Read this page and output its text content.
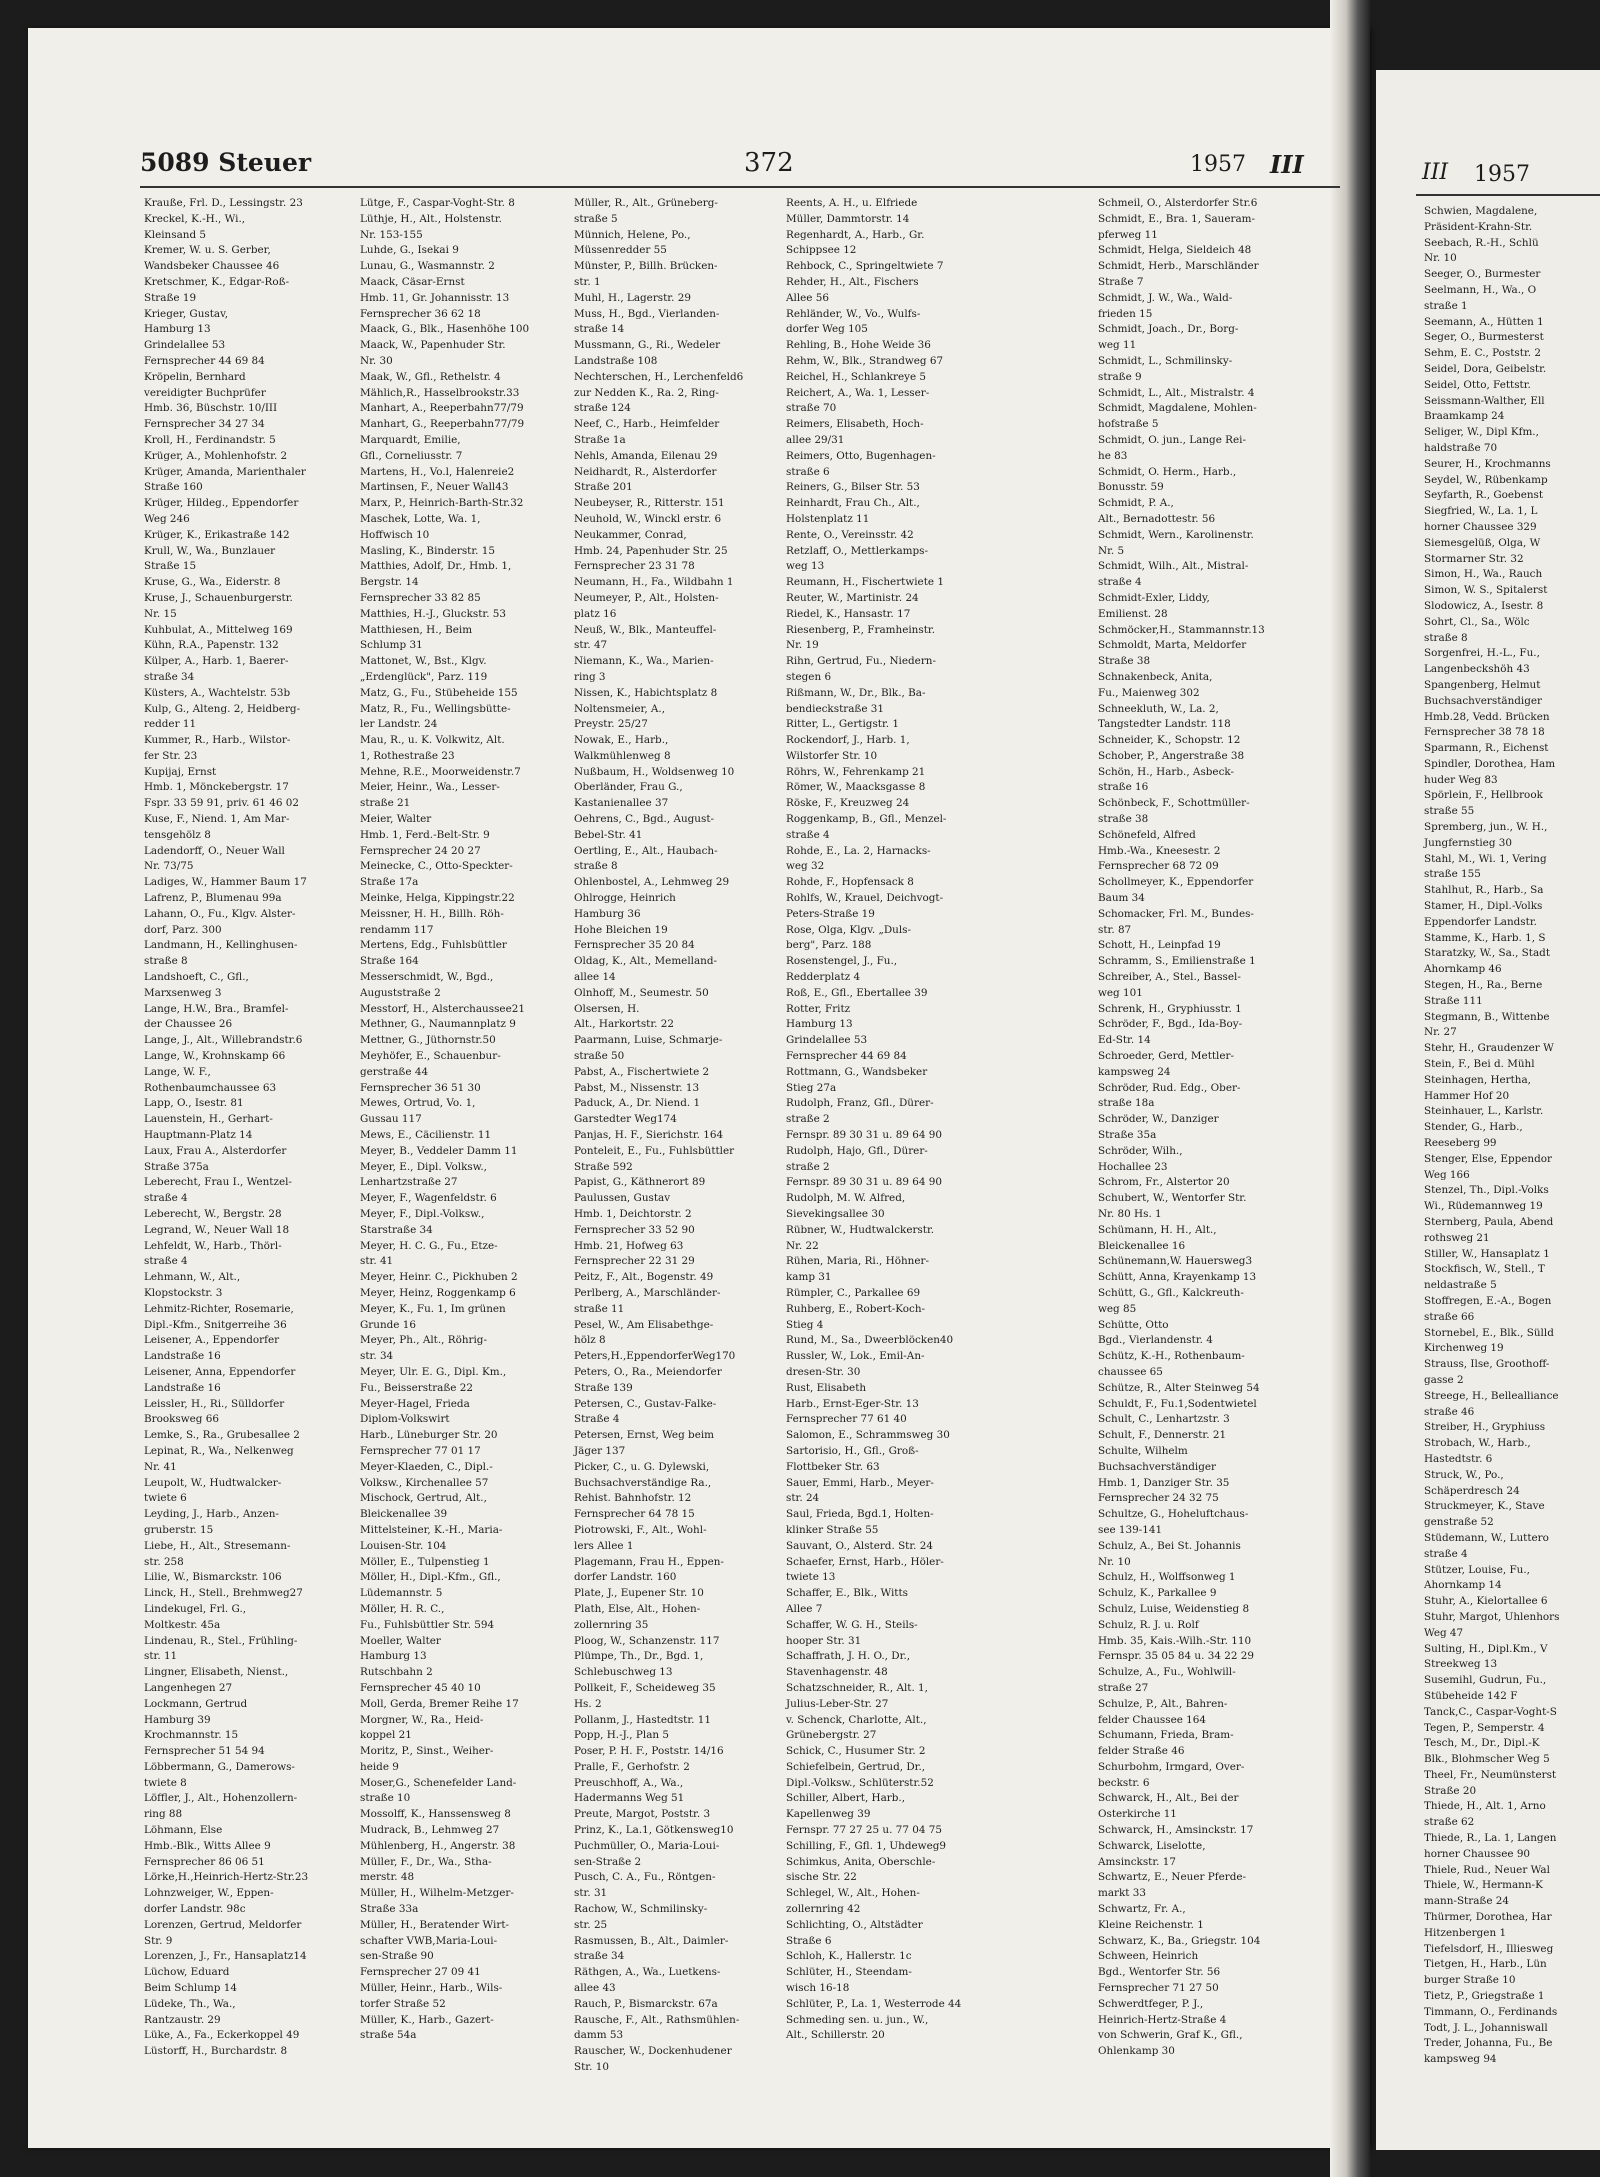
III 1957
Schwien, Magdalene,
Präsident-Krahn-Str.
Seebach, R.-H., Schlü
Nr. 10
Seeger, O., Burmester
Seelmann, H., Wa., O
straße 1
Seemann, A., Hütten 1
Seger, O., Burmesterst
Sehm, E. C., Poststr. 2
Seidel, Dora, Geibelstr.
Seidel, Otto, Fettstr.
Seissmann-Walther, Ell
Braamkamp 24
Seliger, W., Dipl Kfm.,
haldstraße 70
Seurer, H., Krochmanns
Seydel, W., Rübenkamp
Seyfarth, R., Goebenst
Siegfried, W., La. 1, L
horner Chaussee 329
Siemesgelüß, Olga, W
Stormarner Str. 32
Simon, H., Wa., Rauch
Simon, W. S., Spitalerst
Slodowicz, A., Isestr. 8
Sohrt, Cl., Sa., Wölc
straße 8
Sorgenfrei, H.-L., Fu.,
Langenbeckshöh 43
Spangenberg, Helmut
Buchsachverständiger
Hmb.28, Vedd. Brücken
Fernsprecher 38 78 18
Sparmann, R., Eichenst
Spindler, Dorothea, Ham
huder Weg 83
Spörlein, F., Hellbrook
straße 55
Spremberg, jun., W. H.,
Jungfernstieg 30
Stahl, M., Wi. 1, Vering
straße 155
Stahlhut, R., Harb., Sa
Stamer, H., Dipl.-Volks
Eppendorfer Landstr.
Stamme, K., Harb. 1, S
Staratzky, W., Sa., Stadt
Ahornkamp 46
Stegen, H., Ra., Berne
Straße 111
Stegmann, B., Wittenbe
Nr. 27
Stehr, H., Graudenzer W
Stein, F., Bei d. Mühl
Steinhagen, Hertha,
Hammer Hof 20
Steinhauer, L., Karlstr.
Stender, G., Harb.,
Reeseberg 99
Stenger, Else, Eppendor
Weg 166
Stenzel, Th., Dipl.-Volks
Wi., Rüdemannweg 19
Sternberg, Paula, Abend
rothsweg 21
Stiller, W., Hansaplatz 1
Stockfisch, W., Stell., T
neldastraße 5
Stoffregen, E.-A., Bogen
straße 66
Stornebel, E., Blk., Sülld
Kirchenweg 19
Strauss, Ilse, Groothoff-
gasse 2
Streege, H., Bellealliance
straße 46
Streiber, H., Gryphiuss
Strobach, W., Harb.,
Hastedtstr. 6
Struck, W., Po.,
Schäperdresch 24
Struckmeyer, K., Stave
genstraße 52
Stüdemann, W., Luttero
straße 4
Stützer, Louise, Fu.,
Ahornkamp 14
Stuhr, A., Kielortallee 6
Stuhr, Margot, Uhlenhors
Weg 47
Sulting, H., Dipl.Km., V
Streekweg 13
Susemihl, Gudrun, Fu.,
Stübeheide 142 F
Tanck,C., Caspar-Voght-S
Tegen, P., Semperstr. 4
Tesch, M., Dr., Dipl.-K
Blk., Blohmscher Weg 5
Theel, Fr., Neumünsterst
Straße 20
Thiede, H., Alt. 1, Arno
straße 62
Thiede, R., La. 1, Langen
horner Chaussee 90
Thiele, Rud., Neuer Wal
Thiele, W., Hermann-K
mann-Straße 24
Thürmer, Dorothea, Har
Hitzenbergen 1
Tiefelsdorf, H., Illiesweg
Tietgen, H., Harb., Lün
burger Straße 10
Tietz, P., Griegstraße 1
Timmann, O., Ferdinands
Todt, J. L., Johanniswall
Treder, Johanna, Fu., Be
kampsweg 94
5089 Steuer	372	1957 III
Krauße, Frl. D., Lessingstr. 23
Kreckel, K.-H., Wi.,
Kleinsand 5
Kremer, W. u. S. Gerber,
Wandsbeker Chaussee 46
Kretschmer, K., Edgar-Roß-
Straße 19
Krieger, Gustav,
Hamburg 13
Grindelallee 53
Fernsprecher 44 69 84
Kröpelin, Bernhard
vereidigter Buchprüfer
Hmb. 36, Büschstr. 10/III
Fernsprecher 34 27 34
Kroll, H., Ferdinandstr. 5
Krüger, A., Mohlenhofstr. 2
Krüger, Amanda, Marienthaler
Straße 160
Krüger, Hildeg., Eppendorfer
Weg 246
Krüger, K., Erikastraße 142
Krull, W., Wa., Bunzlauer
Straße 15
Kruse, G., Wa., Eiderstr. 8
Kruse, J., Schauenburgerstr.
Nr. 15
Kuhbulat, A., Mittelweg 169
Kühn, R.A., Papenstr. 132
Külper, A., Harb. 1, Baerer-
straße 34
Küsters, A., Wachtelstr. 53b
Kulp, G., Alteng. 2, Heidberg-
redder 11
Kummer, R., Harb., Wilstor-
fer Str. 23
Kupijaj, Ernst
Hmb. 1, Mönckebergstr. 17
Fspr. 33 59 91, priv. 61 46 02
Kuse, F., Niend. 1, Am Mar-
tensgehölz 8
Ladendorff, O., Neuer Wall
Nr. 73/75
Ladiges, W., Hammer Baum 17
Lafrenz, P., Blumenau 99a
Lahann, O., Fu., Klgv. Alster-
dorf, Parz. 300
Landmann, H., Kellinghusen-
straße 8
Landshoeft, C., Gfl.,
Marxsenweg 3
Lange, H.W., Bra., Bramfel-
der Chaussee 26
Lange, J., Alt., Willebrandstr.6
Lange, W., Krohnskamp 66
Lange, W. F.,
Rothenbaumchaussee 63
Lapp, O., Isestr. 81
Lauenstein, H., Gerhart-
Hauptmann-Platz 14
Laux, Frau A., Alsterdorfer
Straße 375a
Leberecht, Frau I., Wentzel-
straße 4
Leberecht, W., Bergstr. 28
Legrand, W., Neuer Wall 18
Lehfeldt, W., Harb., Thörl-
straße 4
Lehmann, W., Alt.,
Klopstockstr. 3
Lehmitz-Richter, Rosemarie,
Dipl.-Kfm., Snitgerreihe 36
Leisener, A., Eppendorfer
Landstraße 16
Leisener, Anna, Eppendorfer
Landstraße 16
Leissler, H., Ri., Sülldorfer
Brooksweg 66
Lemke, S., Ra., Grubesallee 2
Lepinat, R., Wa., Nelkenweg
Nr. 41
Leupolt, W., Hudtwalcker-
twiete 6
Leyding, J., Harb., Anzen-
gruberstr. 15
Liebe, H., Alt., Stresemann-
str. 258
Lilie, W., Bismarckstr. 106
Linck, H., Stell., Brehmweg27
Lindekugel, Frl. G.,
Moltkestr. 45a
Lindenau, R., Stel., Frühling-
str. 11
Lingner, Elisabeth, Nienst.,
Langenhegen 27
Lockmann, Gertrud
Hamburg 39
Krochmannstr. 15
Fernsprecher 51 54 94
Löbbermann, G., Damerows-
twiete 8
Löffler, J., Alt., Hohenzollern-
ring 88
Löhmann, Else
Hmb.-Blk., Witts Allee 9
Fernsprecher 86 06 51
Lörke,H.,Heinrich-Hertz-Str.23
Lohnzweiger, W., Eppen-
dorfer Landstr. 98c
Lorenzen, Gertrud, Meldorfer
Str. 9
Lorenzen, J., Fr., Hansaplatz14
Lüchow, Eduard
Beim Schlump 14
Lüdeke, Th., Wa.,
Rantzaustr. 29
Lüke, A., Fa., Eckerkoppel 49
Lüstorff, H., Burchardstr. 8
Lütge, F., Caspar-Voght-Str. 8
Lüthje, H., Alt., Holstenstr.
Nr. 153-155
Luhde, G., Isekai 9
Lunau, G., Wasmannstr. 2
Maack, Cäsar-Ernst
Hmb. 11, Gr. Johannisstr. 13
Fernsprecher 36 62 18
Maack, G., Blk., Hasenhöhe 100
Maack, W., Papenhuder Str.
Nr. 30
Maak, W., Gfl., Rethelstr. 4
Mählich,R., Hasselbrookstr.33
Manhart, A., Reeperbahn77/79
Manhart, G., Reeperbahn77/79
Marquardt, Emilie,
Gfl., Corneliusstr. 7
Martens, H., Vo.l, Halenreie2
Martinsen, F., Neuer Wall43
Marx, P., Heinrich-Barth-Str.32
Maschek, Lotte, Wa. 1,
Hoffwisch 10
Masling, K., Binderstr. 15
Matthies, Adolf, Dr., Hmb. 1,
Bergstr. 14
Fernsprecher 33 82 85
Matthies, H.-J., Gluckstr. 53
Matthiesen, H., Beim
Schlump 31
Mattonet, W., Bst., Klgv.
„Erdenglück", Parz. 119
Matz, G., Fu., Stübeheide 155
Matz, R., Fu., Wellingsbütte-
ler Landstr. 24
Mau, R., u. K. Volkwitz, Alt.
1, Rothestraße 23
Mehne, R.E., Moorweidenstr.7
Meier, Heinr., Wa., Lesser-
straße 21
Meier, Walter
Hmb. 1, Ferd.-Belt-Str. 9
Fernsprecher 24 20 27
Meinecke, C., Otto-Speckter-
Straße 17a
Meinke, Helga, Kippingstr.22
Meissner, H. H., Billh. Röh-
rendamm 117
Mertens, Edg., Fuhlsbüttler
Straße 164
Messerschmidt, W., Bgd.,
Auguststraße 2
Messtorf, H., Alsterchaussee21
Methner, G., Naumannplatz 9
Mettner, G., Jüthornstr.50
Meyhöfer, E., Schauenbur-
gerstraße 44
Fernsprecher 36 51 30
Mewes, Ortrud, Vo. 1,
Gussau 117
Mews, E., Cäcilienstr. 11
Meyer, B., Veddeler Damm 11
Meyer, E., Dipl. Volksw.,
Lenhartzstraße 27
Meyer, F., Wagenfeldstr. 6
Meyer, F., Dipl.-Volksw.,
Starstraße 34
Meyer, H. C. G., Fu., Etze-
str. 41
Meyer, Heinr. C., Pickhuben 2
Meyer, Heinz, Roggenkamp 6
Meyer, K., Fu. 1, Im grünen
Grunde 16
Meyer, Ph., Alt., Röhrig-
str. 34
Meyer, Ulr. E. G., Dipl. Km.,
Fu., Beisserstraße 22
Meyer-Hagel, Frieda
Diplom-Volkswirt
Harb., Lüneburger Str. 20
Fernsprecher 77 01 17
Meyer-Klaeden, C., Dipl.-
Volksw., Kirchenallee 57
Mischock, Gertrud, Alt.,
Bleickenallee 39
Mittelsteiner, K.-H., Maria-
Louisen-Str. 104
Möller, E., Tulpenstieg 1
Möller, H., Dipl.-Kfm., Gfl.,
Lüdemannstr. 5
Möller, H. R. C.,
Fu., Fuhlsbüttler Str. 594
Moeller, Walter
Hamburg 13
Rutschbahn 2
Fernsprecher 45 40 10
Moll, Gerda, Bremer Reihe 17
Morgner, W., Ra., Heid-
koppel 21
Moritz, P., Sinst., Weiher-
heide 9
Moser,G., Schenefelder Land-
straße 10
Mossolff, K., Hanssensweg 8
Mudrack, B., Lehmweg 27
Mühlenberg, H., Angerstr. 38
Müller, F., Dr., Wa., Stha-
merstr. 48
Müller, H., Wilhelm-Metzger-
Straße 33a
Müller, H., Beratender Wirt-
schafter VWB,Maria-Loui-
sen-Straße 90
Fernsprecher 27 09 41
Müller, Heinr., Harb., Wils-
torfer Straße 52
Müller, K., Harb., Gazert-
straße 54a
Müller, R., Alt., Grüneberg-
straße 5
Münnich, Helene, Po.,
Müssenredder 55
Münster, P., Billh. Brücken-
str. 1
Muhl, H., Lagerstr. 29
Muss, H., Bgd., Vierlanden-
straße 14
Mussmann, G., Ri., Wedeler
Landstraße 108
Nechterschen, H., Lerchenfeld6
zur Nedden K., Ra. 2, Ring-
straße 124
Neef, C., Harb., Heimfelder
Straße 1a
Nehls, Amanda, Eilenau 29
Neidhardt, R., Alsterdorfer
Straße 201
Neubeyser, R., Ritterstr. 151
Neuhold, W., Winckl erstr. 6
Neukammer, Conrad,
Hmb. 24, Papenhuder Str. 25
Fernsprecher 23 31 78
Neumann, H., Fa., Wildbahn 1
Neumeyer, P., Alt., Holsten-
platz 16
Neuß, W., Blk., Manteuffel-
str. 47
Niemann, K., Wa., Marien-
ring 3
Nissen, K., Habichtsplatz 8
Noltensmeier, A.,
Preystr. 25/27
Nowak, E., Harb.,
Walkmühlenweg 8
Nußbaum, H., Woldsenweg 10
Oberländer, Frau G.,
Kastanienallee 37
Oehrens, C., Bgd., August-
Bebel-Str. 41
Oertling, E., Alt., Haubach-
straße 8
Ohlenbostel, A., Lehmweg 29
Ohlrogge, Heinrich
Hamburg 36
Hohe Bleichen 19
Fernsprecher 35 20 84
Oldag, K., Alt., Memelland-
allee 14
Olnhoff, M., Seumestr. 50
Olsersen, H.
Alt., Harkortstr. 22
Paarmann, Luise, Schmarje-
straße 50
Pabst, A., Fischertwiete 2
Pabst, M., Nissenstr. 13
Paduck, A., Dr. Niend. 1
Garstedter Weg174
Panjas, H. F., Sierichstr. 164
Ponteleit, E., Fu., Fuhlsbüttler
Straße 592
Papist, G., Käthnerort 89
Paulussen, Gustav
Hmb. 1, Deichtorstr. 2
Fernsprecher 33 52 90
Hmb. 21, Hofweg 63
Fernsprecher 22 31 29
Peitz, F., Alt., Bogenstr. 49
Perlberg, A., Marschländer-
straße 11
Pesel, W., Am Elisabethge-
hölz 8
Peters,H.,EppendorferWeg170
Peters, O., Ra., Meiendorfer
Straße 139
Petersen, C., Gustav-Falke-
Straße 4
Petersen, Ernst, Weg beim
Jäger 137
Picker, C., u. G. Dylewski,
Buchsachverständige Ra.,
Rehist. Bahnhofstr. 12
Fernsprecher 64 78 15
Piotrowski, F., Alt., Wohl-
lers Allee 1
Plagemann, Frau H., Eppen-
dorfer Landstr. 160
Plate, J., Eupener Str. 10
Plath, Else, Alt., Hohen-
zollernring 35
Ploog, W., Schanzenstr. 117
Plümpe, Th., Dr., Bgd. 1,
Schlebuschweg 13
Pollkeit, F., Scheideweg 35
Hs. 2
Pollanm, J., Hastedtstr. 11
Popp, H.-J., Plan 5
Poser, P. H. F., Poststr. 14/16
Pralle, F., Gerhofstr. 2
Preuschhoff, A., Wa.,
Hadermanns Weg 51
Preute, Margot, Poststr. 3
Prinz, K., La.1, Götkensweg10
Puchmüller, O., Maria-Loui-
sen-Straße 2
Pusch, C. A., Fu., Röntgen-
str. 31
Rachow, W., Schmilinsky-
str. 25
Rasmussen, B., Alt., Daimler-
straße 34
Räthgen, A., Wa., Luetkens-
allee 43
Rauch, P., Bismarckstr. 67a
Rausche, F., Alt., Rathsmühlen-
damm 53
Rauscher, W., Dockenhudener
Str. 10
Reents, A. H., u. Elfriede
Müller, Dammtorstr. 14
Regenhardt, A., Harb., Gr.
Schippsee 12
Rehbock, C., Springeltwiete 7
Rehder, H., Alt., Fischers
Allee 56
Rehländer, W., Vo., Wulfs-
dorfer Weg 105
Rehling, B., Hohe Weide 36
Rehm, W., Blk., Strandweg 67
Reichel, H., Schlankreye 5
Reichert, A., Wa. 1, Lesser-
straße 70
Reimers, Elisabeth, Hoch-
allee 29/31
Reimers, Otto, Bugenhagen-
straße 6
Reiners, G., Bilser Str. 53
Reinhardt, Frau Ch., Alt.,
Holstenplatz 11
Rente, O., Vereinsstr. 42
Retzlaff, O., Mettlerkamps-
weg 13
Reumann, H., Fischertwiete 1
Reuter, W., Martinistr. 24
Riedel, K., Hansastr. 17
Riesenberg, P., Framheinstr.
Nr. 19
Rihn, Gertrud, Fu., Niedern-
stegen 6
Rißmann, W., Dr., Blk., Ba-
bendieckstraße 31
Ritter, L., Gertigstr. 1
Rockendorf, J., Harb. 1,
Wilstorfer Str. 10
Röhrs, W., Fehrenkamp 21
Römer, W., Maacksgasse 8
Röske, F., Kreuzweg 24
Roggenkamp, B., Gfl., Menzel-
straße 4
Rohde, E., La. 2, Harnacks-
weg 32
Rohde, F., Hopfensack 8
Rohlfs, W., Krauel, Deichvogt-
Peters-Straße 19
Rose, Olga, Klgv. „Duls-
berg", Parz. 188
Rosenstengel, J., Fu.,
Redderplatz 4
Roß, E., Gfl., Ebertallee 39
Rotter, Fritz
Hamburg 13
Grindelallee 53
Fernsprecher 44 69 84
Rottmann, G., Wandsbeker
Stieg 27a
Rudolph, Franz, Gfl., Dürer-
straße 2
Fernspr. 89 30 31 u. 89 64 90
Rudolph, Hajo, Gfl., Dürer-
straße 2
Fernspr. 89 30 31 u. 89 64 90
Rudolph, M. W. Alfred,
Sievekingsallee 30
Rübner, W., Hudtwalckerstr.
Nr. 22
Rühen, Maria, Ri., Höhner-
kamp 31
Rümpler, C., Parkallee 69
Ruhberg, E., Robert-Koch-
Stieg 4
Rund, M., Sa., Dweerblöcken40
Russler, W., Lok., Emil-An-
dresen-Str. 30
Rust, Elisabeth
Harb., Ernst-Eger-Str. 13
Fernsprecher 77 61 40
Salomon, E., Schrammsweg 30
Sartorisio, H., Gfl., Groß-
Flottbeker Str. 63
Sauer, Emmi, Harb., Meyer-
str. 24
Saul, Frieda, Bgd.1, Holten-
klinker Straße 55
Sauvant, O., Alsterd. Str. 24
Schaefer, Ernst, Harb., Höler-
twiete 13
Schaffer, E., Blk., Witts
Allee 7
Schaffer, W. G. H., Steils-
hooper Str. 31
Schaffrath, J. H. O., Dr.,
Stavenhagenstr. 48
Schatzschneider, R., Alt. 1,
Julius-Leber-Str. 27
v. Schenck, Charlotte, Alt.,
Grünebergstr. 27
Schick, C., Husumer Str. 2
Schiefelbein, Gertrud, Dr.,
Dipl.-Volksw., Schlüterstr.52
Schiller, Albert, Harb.,
Kapellenweg 39
Fernspr. 77 27 25 u. 77 04 75
Schilling, F., Gfl. 1, Uhdeweg9
Schimkus, Anita, Oberschle-
sische Str. 22
Schlegel, W., Alt., Hohen-
zollernring 42
Schlichting, O., Altstädter
Straße 6
Schloh, K., Hallerstr. 1c
Schlüter, H., Steendam-
wisch 16-18
Schlüter, P., La. 1, Westerrode 44
Schmeding sen. u. jun., W.,
Alt., Schillerstr. 20
Schmeil, O., Alsterdorfer Str.6
Schmidt, E., Bra. 1, Saueram-
pferweg 11
Schmidt, Helga, Sieldeich 48
Schmidt, Herb., Marschländer
Straße 7
Schmidt, J. W., Wa., Wald-
frieden 15
Schmidt, Joach., Dr., Borg-
weg 11
Schmidt, L., Schmilinsky-
straße 9
Schmidt, L., Alt., Mistralstr. 4
Schmidt, Magdalene, Mohlen-
hofstraße 5
Schmidt, O. jun., Lange Rei-
he 83
Schmidt, O. Herm., Harb.,
Bonusstr. 59
Schmidt, P. A.,
Alt., Bernadottestr. 56
Schmidt, Wern., Karolinenstr.
Nr. 5
Schmidt, Wilh., Alt., Mistral-
straße 4
Schmidt-Exler, Liddy,
Emilienst. 28
Schmöcker,H., Stammannstr.13
Schmoldt, Marta, Meldorfer
Straße 38
Schnakenbeck, Anita,
Fu., Maienweg 302
Schneekluth, W., La. 2,
Tangstedter Landstr. 118
Schneider, K., Schopstr. 12
Schober, P., Angerstraße 38
Schön, H., Harb., Asbeck-
straße 16
Schönbeck, F., Schottmüller-
straße 38
Schönefeld, Alfred
Hmb.-Wa., Kneesestr. 2
Fernsprecher 68 72 09
Schollmeyer, K., Eppendorfer
Baum 34
Schomacker, Frl. M., Bundes-
str. 87
Schott, H., Leinpfad 19
Schramm, S., Emilienstraße 1
Schreiber, A., Stel., Bassel-
weg 101
Schrenk, H., Gryphiusstr. 1
Schröder, F., Bgd., Ida-Boy-
Ed-Str. 14
Schroeder, Gerd, Mettler-
kampsweg 24
Schröder, Rud. Edg., Ober-
straße 18a
Schröder, W., Danziger
Straße 35a
Schröder, Wilh.,
Hochallee 23
Schrom, Fr., Alstertor 20
Schubert, W., Wentorfer Str.
Nr. 80 Hs. 1
Schümann, H. H., Alt.,
Bleickenallee 16
Schünemann,W. Hauersweg3
Schütt, Anna, Krayenkamp 13
Schütt, G., Gfl., Kalckreuth-
weg 85
Schütte, Otto
Bgd., Vierlandenstr. 4
Schütz, K.-H., Rothenbaum-
chaussee 65
Schütze, R., Alter Steinweg 54
Schuldt, F., Fu.1,Sodentwietel
Schult, C., Lenhartzstr. 3
Schult, F., Dennerstr. 21
Schulte, Wilhelm
Buchsachverständiger
Hmb. 1, Danziger Str. 35
Fernsprecher 24 32 75
Schultze, G., Hoheluftchaus-
see 139-141
Schulz, A., Bei St. Johannis
Nr. 10
Schulz, H., Wolffsonweg 1
Schulz, K., Parkallee 9
Schulz, Luise, Weidenstieg 8
Schulz, R. J. u. Rolf
Hmb. 35, Kais.-Wilh.-Str. 110
Fernspr. 35 05 84 u. 34 22 29
Schulze, A., Fu., Wohlwill-
straße 27
Schulze, P., Alt., Bahren-
felder Chaussee 164
Schumann, Frieda, Bram-
felder Straße 46
Schurbohm, Irmgard, Over-
beckstr. 6
Schwarck, H., Alt., Bei der
Osterkirche 11
Schwarck, H., Amsinckstr. 17
Schwarck, Liselotte,
Amsinckstr. 17
Schwartz, E., Neuer Pferde-
markt 33
Schwartz, Fr. A.,
Kleine Reichenstr. 1
Schwarz, K., Ba., Griegstr. 104
Schween, Heinrich
Bgd., Wentorfer Str. 56
Fernsprecher 71 27 50
Schwerdtfeger, P. J.,
Heinrich-Hertz-Straße 4
von Schwerin, Graf K., Gfl.,
Ohlenkamp 30
